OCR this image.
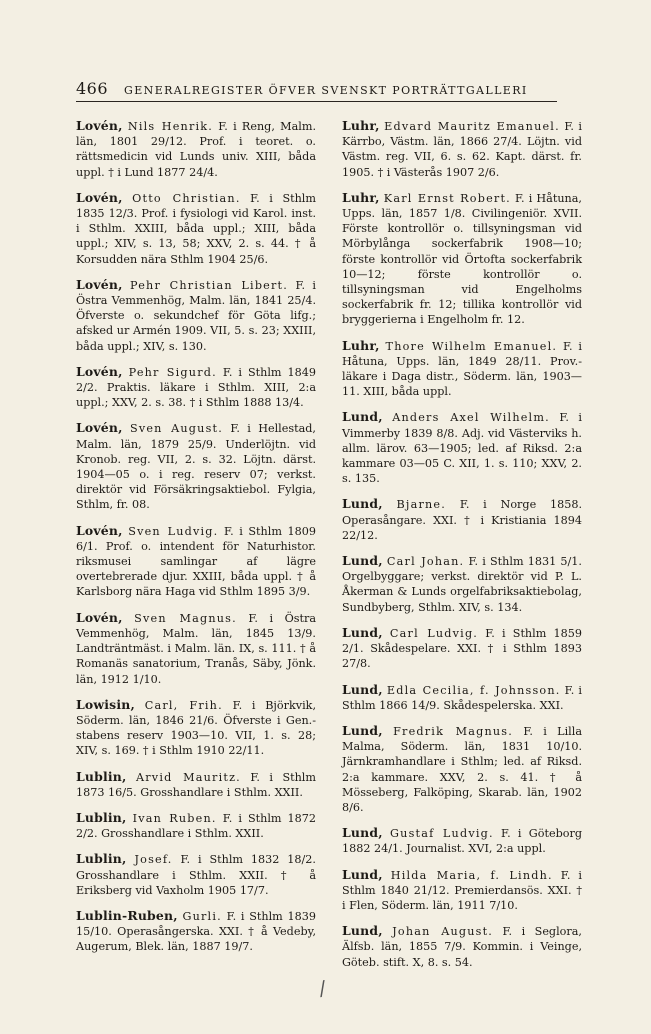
466 GENERALREGISTER ÖFVER SVENSKT PORTRÄTTGALLERI

Lovén, Nils Henrik. F. i Reng, Malm. län, 1801 29/12. Prof. i teoret. o. rättsmedicin vid Lunds univ. XIII, båda uppl. † i Lund 1877 24/4.

Lovén, Otto Christian. F. i Sthlm 1835 12/3. Prof. i fysiologi vid Karol. inst. i Sthlm. XXIII, båda uppl.; XIII, båda uppl.; XIV, s. 13, 58; XXV, 2. s. 44. † å Korsudden nära Sthlm 1904 25/6.

Lovén, Pehr Christian Libert. F. i Östra Vemmenhög, Malm. län, 1841 25/4. Öfverste o. sekundchef för Göta lifg.; afsked ur Armén 1909. VII, 5. s. 23; XXIII, båda uppl.; XIV, s. 130.

Lovén, Pehr Sigurd. F. i Sthlm 1849 2/2. Praktis. läkare i Sthlm. XIII, 2:a uppl.; XXV, 2. s. 38. † i Sthlm 1888 13/4.

Lovén, Sven August. F. i Hellestad, Malm. län, 1879 25/9. Underlöjtn. vid Kronob. reg. VII, 2. s. 32. Löjtn. därst. 1904—05 o. i reg. reserv 07; verkst. direktör vid Försäkringsaktiebol. Fylgia, Sthlm, fr. 08.

Lovén, Sven Ludvig. F. i Sthlm 1809 6/1. Prof. o. intendent för Naturhistor. riksmusei samlingar af lägre overtebrerade djur. XXIII, båda uppl. † å Karlsborg nära Haga vid Sthlm 1895 3/9.

Lovén, Sven Magnus. F. i Östra Vemmenhög, Malm. län, 1845 13/9. Landträntmäst. i Malm. län. IX, s. 111. † å Romanäs sanatorium, Tranås, Säby, Jönk. län, 1912 1/10.

Lowisin, Carl, Frih. F. i Björkvik, Söderm. län, 1846 21/6. Öfverste i Gen.-stabens reserv 1903—10. VII, 1. s. 28; XIV, s. 169. † i Sthlm 1910 22/11.

Lublin, Arvid Mauritz. F. i Sthlm 1873 16/5. Grosshandlare i Sthlm. XXII.

Lublin, Ivan Ruben. F. i Sthlm 1872 2/2. Grosshandlare i Sthlm. XXII.

Lublin, Josef. F. i Sthlm 1832 18/2. Grosshandlare i Sthlm. XXII. † å Eriksberg vid Vaxholm 1905 17/7.

Lublin-Ruben, Gurli. F. i Sthlm 1839 15/10. Operasångerska. XXI. † å Vedeby, Augerum, Blek. län, 1887 19/7.

Luhr, Edvard Mauritz Emanuel. F. i Kärrbo, Västm. län, 1866 27/4. Löjtn. vid Västm. reg. VII, 6. s. 62. Kapt. därst. fr. 1905. † i Västerås 1907 2/6.

Luhr, Karl Ernst Robert. F. i Håtuna, Upps. län, 1857 1/8. Civilingeniör. XVII. Förste kontrollör o. tillsyningsman vid Mörbylånga sockerfabrik 1908—10; förste kontrollör vid Örtofta sockerfabrik 10—12; förste kontrollör o. tillsyningsman vid Engelholms sockerfabrik fr. 12; tillika kontrollör vid bryggerierna i Engelholm fr. 12.

Luhr, Thore Wilhelm Emanuel. F. i Håtuna, Upps. län, 1849 28/11. Prov.-läkare i Daga distr., Söderm. län, 1903—11. XIII, båda uppl.

Lund, Anders Axel Wilhelm. F. i Vimmerby 1839 8/8. Adj. vid Västerviks h. allm. lärov. 63—1905; led. af Riksd. 2:a kammare 03—05 C. XII, 1. s. 110; XXV, 2. s. 135.

Lund, Bjarne. F. i Norge 1858. Operasångare. XXI. † i Kristiania 1894 22/12.

Lund, Carl Johan. F. i Sthlm 1831 5/1. Orgelbyggare; verkst. direktör vid P. L. Åkerman & Lunds orgelfabriksaktiebolag, Sundbyberg, Sthlm. XIV, s. 134.

Lund, Carl Ludvig. F. i Sthlm 1859 2/1. Skådespelare. XXI. † i Sthlm 1893 27/8.

Lund, Edla Cecilia, f. Johnsson. F. i Sthlm 1866 14/9. Skådespelerska. XXI.

Lund, Fredrik Magnus. F. i Lilla Malma, Söderm. län, 1831 10/10. Järnkramhandlare i Sthlm; led. af Riksd. 2:a kammare. XXV, 2. s. 41. † å Mösseberg, Falköping, Skarab. län, 1902 8/6.

Lund, Gustaf Ludvig. F. i Göteborg 1882 24/1. Journalist. XVI, 2:a uppl.

Lund, Hilda Maria, f. Lindh. F. i Sthlm 1840 21/12. Premierdansös. XXI. † i Flen, Söderm. län, 1911 7/10.

Lund, Johan August. F. i Seglora, Älfsb. län, 1855 7/9. Kommin. i Veinge, Göteb. stift. X, 8. s. 54.

/
